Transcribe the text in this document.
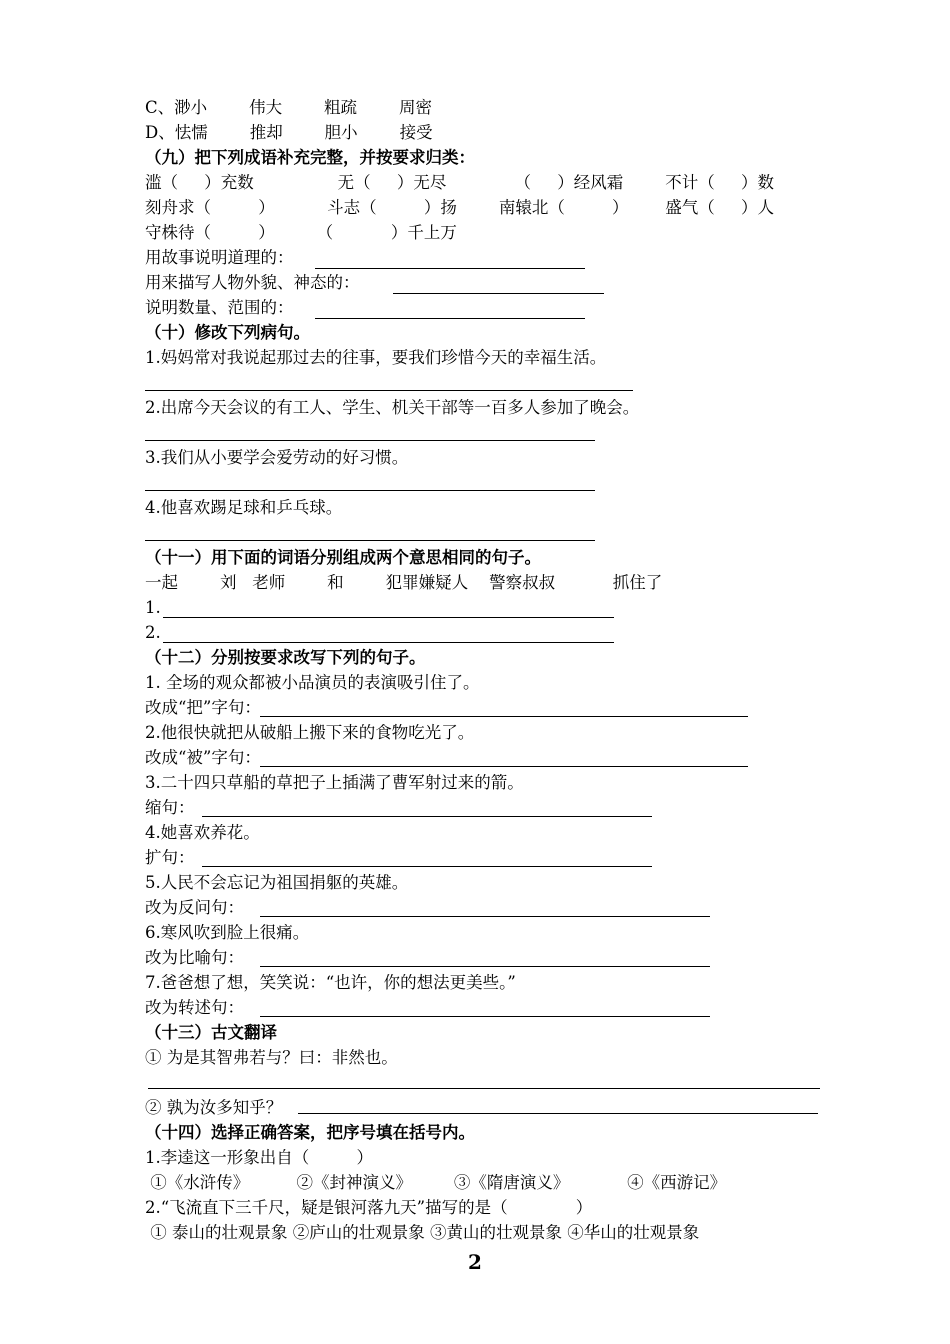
C、渺小        伟大        粗疏        周密
D、怯懦        推却        胆小        接受
（九）把下列成语补充完整，并按要求归类：
滥（     ）充数                无（     ）无尽             （     ）经风霜        不计（     ）数
刻舟求（         ）          斗志（         ）扬        南辕北（         ）       盛气（     ）人
守株待（         ）        （           ）千上万
用故事说明道理的：
用来描写人物外貌、神态的：
说明数量、范围的：
（十）修改下列病句。
1.妈妈常对我说起那过去的往事，要我们珍惜今天的幸福生活。
2.出席今天会议的有工人、学生、机关干部等一百多人参加了晚会。
3.我们从小要学会爱劳动的好习惯。
4.他喜欢踢足球和乒乓球。
（十一）用下面的词语分别组成两个意思相同的句子。
一起        刘   老师        和        犯罪嫌疑人    警察叔叔           抓住了
1.
2.
（十二）分别按要求改写下列的句子。
1. 全场的观众都被小品演员的表演吸引住了。
改成“把”字句：
2.他很快就把从破船上搬下来的食物吃光了。
改成“被”字句：
3.二十四只草船的草把子上插满了曹军射过来的箭。
缩句：
4.她喜欢养花。
扩句：
5.人民不会忘记为祖国捐躯的英雄。
改为反问句：
6.寒风吹到脸上很痛。
改为比喻句：
7.爸爸想了想，笑笑说：“也许，你的想法更美些。”
改为转述句：
（十三）古文翻译
① 为是其智弗若与？曰：非然也。
② 孰为汝多知乎？
（十四）选择正确答案，把序号填在括号内。
1.李逵这一形象出自（         ）
①《水浒传》         ②《封神演义》        ③《隋唐演义》           ④《西游记》
2.“飞流直下三千尺，疑是银河落九天”描写的是（             ）
① 泰山的壮观景象 ②庐山的壮观景象 ③黄山的壮观景象 ④华山的壮观景象
2
